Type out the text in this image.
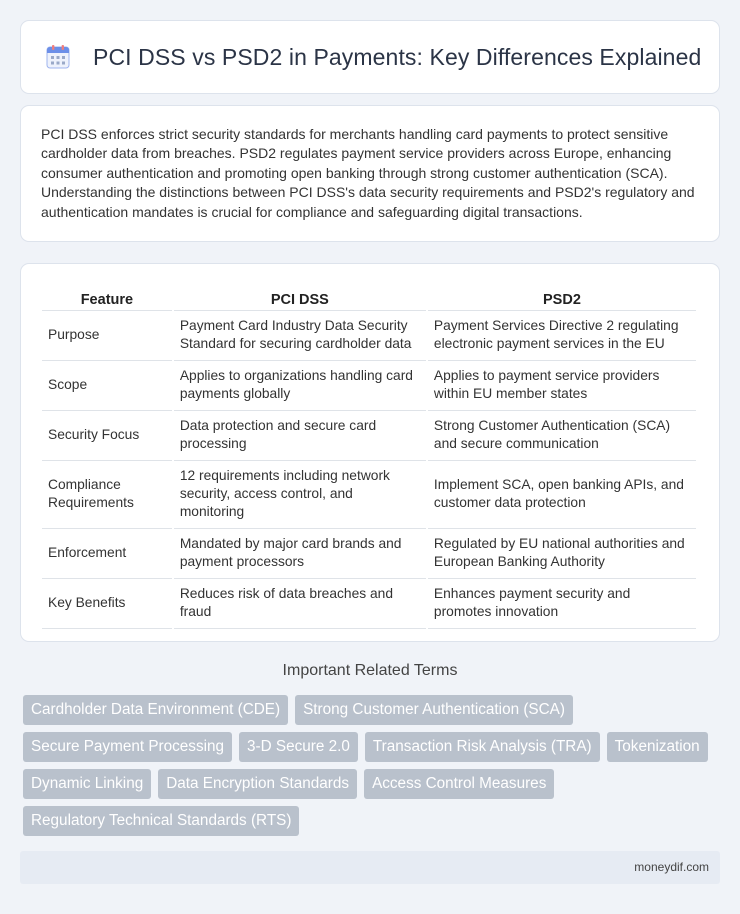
PCI DSS vs PSD2 in Payments: Key Differences Explained

PCI DSS enforces strict security standards for merchants handling card payments to protect sensitive cardholder data from breaches. PSD2 regulates payment service providers across Europe, enhancing consumer authentication and promoting open banking through strong customer authentication (SCA). Understanding the distinctions between PCI DSS's data security requirements and PSD2's regulatory and authentication mandates is crucial for compliance and safeguarding digital transactions.

Feature	PCI DSS	PSD2
Purpose	Payment Card Industry Data Security Standard for securing cardholder data	Payment Services Directive 2 regulating electronic payment services in the EU
Scope	Applies to organizations handling card payments globally	Applies to payment service providers within EU member states
Security Focus	Data protection and secure card processing	Strong Customer Authentication (SCA) and secure communication
Compliance Requirements	12 requirements including network security, access control, and monitoring	Implement SCA, open banking APIs, and customer data protection
Enforcement	Mandated by major card brands and payment processors	Regulated by EU national authorities and European Banking Authority
Key Benefits	Reduces risk of data breaches and fraud	Enhances payment security and promotes innovation
Important Related Terms
Cardholder Data Environment (CDE)	Strong Customer Authentication (SCA)
Secure Payment Processing	3-D Secure 2.0	Transaction Risk Analysis (TRA)	Tokenization
Dynamic Linking	Data Encryption Standards	Access Control Measures
Regulatory Technical Standards (RTS)
moneydif.com
